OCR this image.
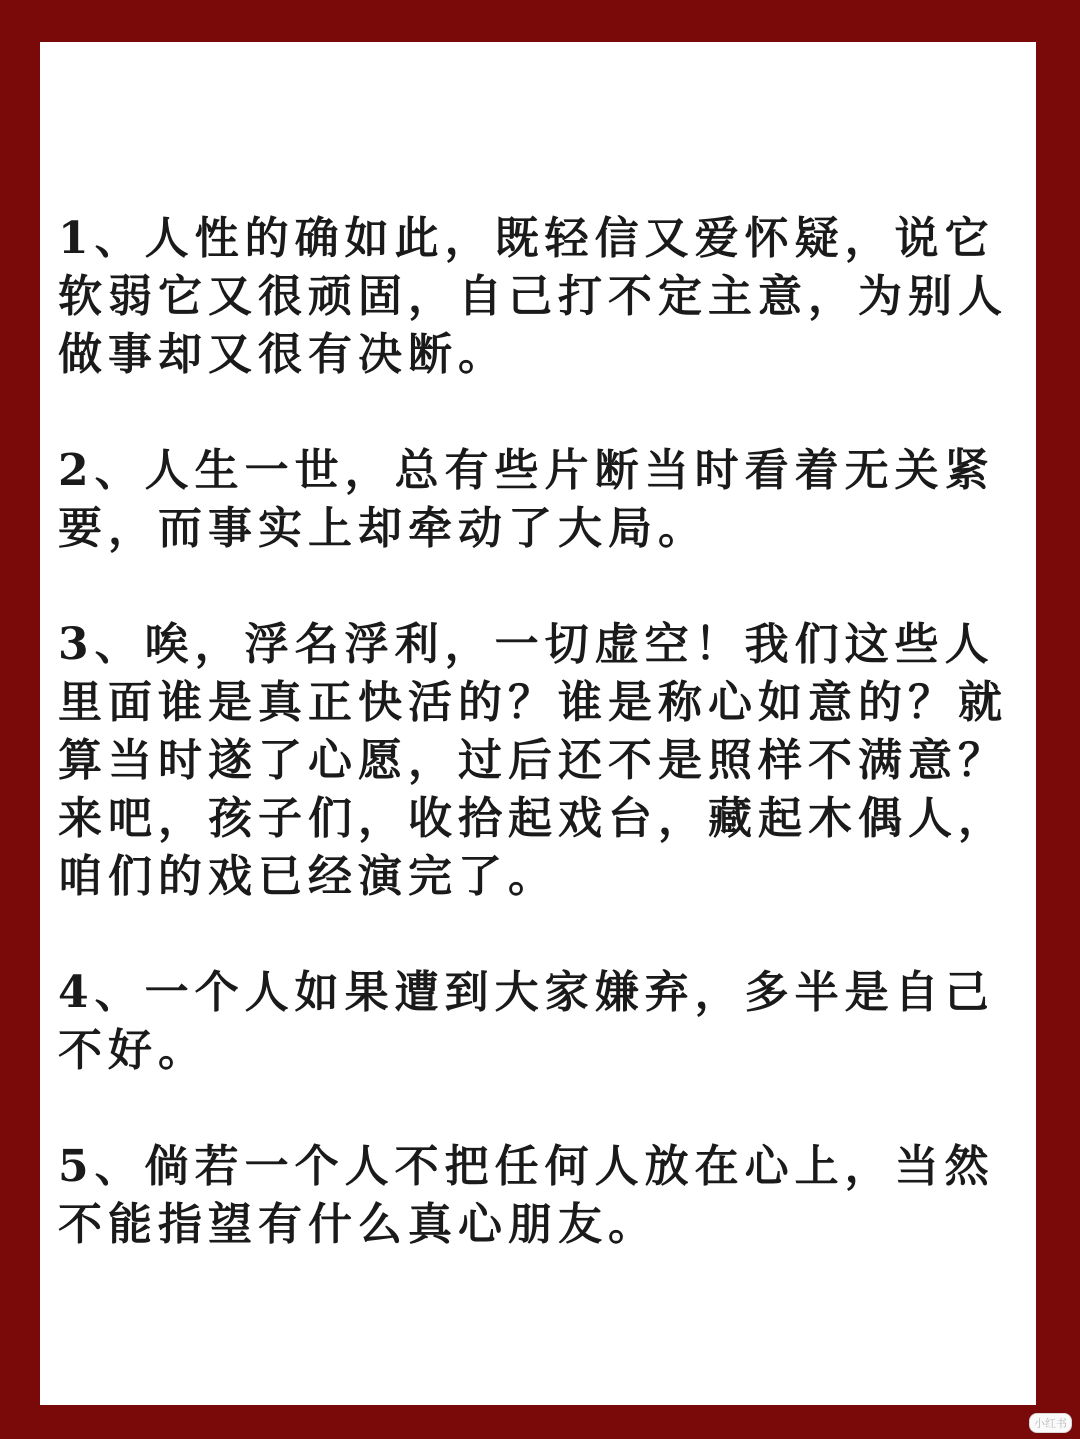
1、人性的确如此，既轻信又爱怀疑，说它软弱它又很顽固，自己打不定主意，为别人做事却又很有决断。

2、人生一世，总有些片断当时看着无关紧要，而事实上却牵动了大局。

3、唉，浮名浮利，一切虚空！我们这些人里面谁是真正快活的？谁是称心如意的？就算当时遂了心愿，过后还不是照样不满意？来吧，孩子们，收拾起戏台，藏起木偶人，咱们的戏已经演完了。

4、一个人如果遭到大家嫌弃，多半是自己不好。

5、倘若一个人不把任何人放在心上，当然不能指望有什么真心朋友。

小红书
